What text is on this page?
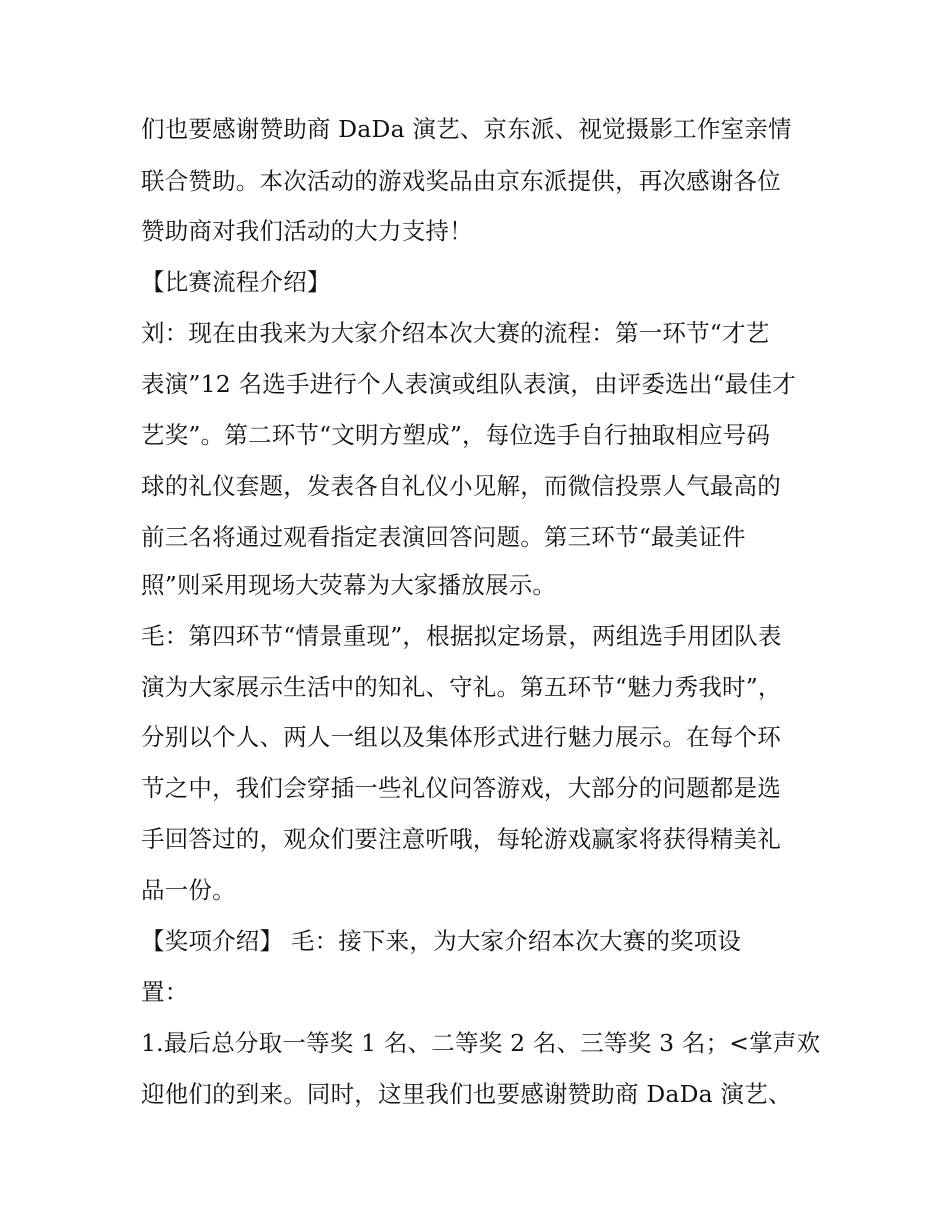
们也要感谢赞助商 DaDa 演艺、京东派、视觉摄影工作室亲情
联合赞助。本次活动的游戏奖品由京东派提供，再次感谢各位
赞助商对我们活动的大力支持！
【比赛流程介绍】
刘：现在由我来为大家介绍本次大赛的流程：第一环节“才艺
表演”12 名选手进行个人表演或组队表演，由评委选出“最佳才
艺奖”。第二环节“文明方塑成”，每位选手自行抽取相应号码
球的礼仪套题，发表各自礼仪小见解，而微信投票人气最高的
前三名将通过观看指定表演回答问题。第三环节“最美证件
照”则采用现场大荧幕为大家播放展示。
毛：第四环节“情景重现”，根据拟定场景，两组选手用团队表
演为大家展示生活中的知礼、守礼。第五环节“魅力秀我时”，
分别以个人、两人一组以及集体形式进行魅力展示。在每个环
节之中，我们会穿插一些礼仪问答游戏，大部分的问题都是选
手回答过的，观众们要注意听哦，每轮游戏赢家将获得精美礼
品一份。
【奖项介绍】 毛：接下来，为大家介绍本次大赛的奖项设
置：
1.最后总分取一等奖 1 名、二等奖 2 名、三等奖 3 名；<掌声欢
迎他们的到来。同时，这里我们也要感谢赞助商 DaDa 演艺、
